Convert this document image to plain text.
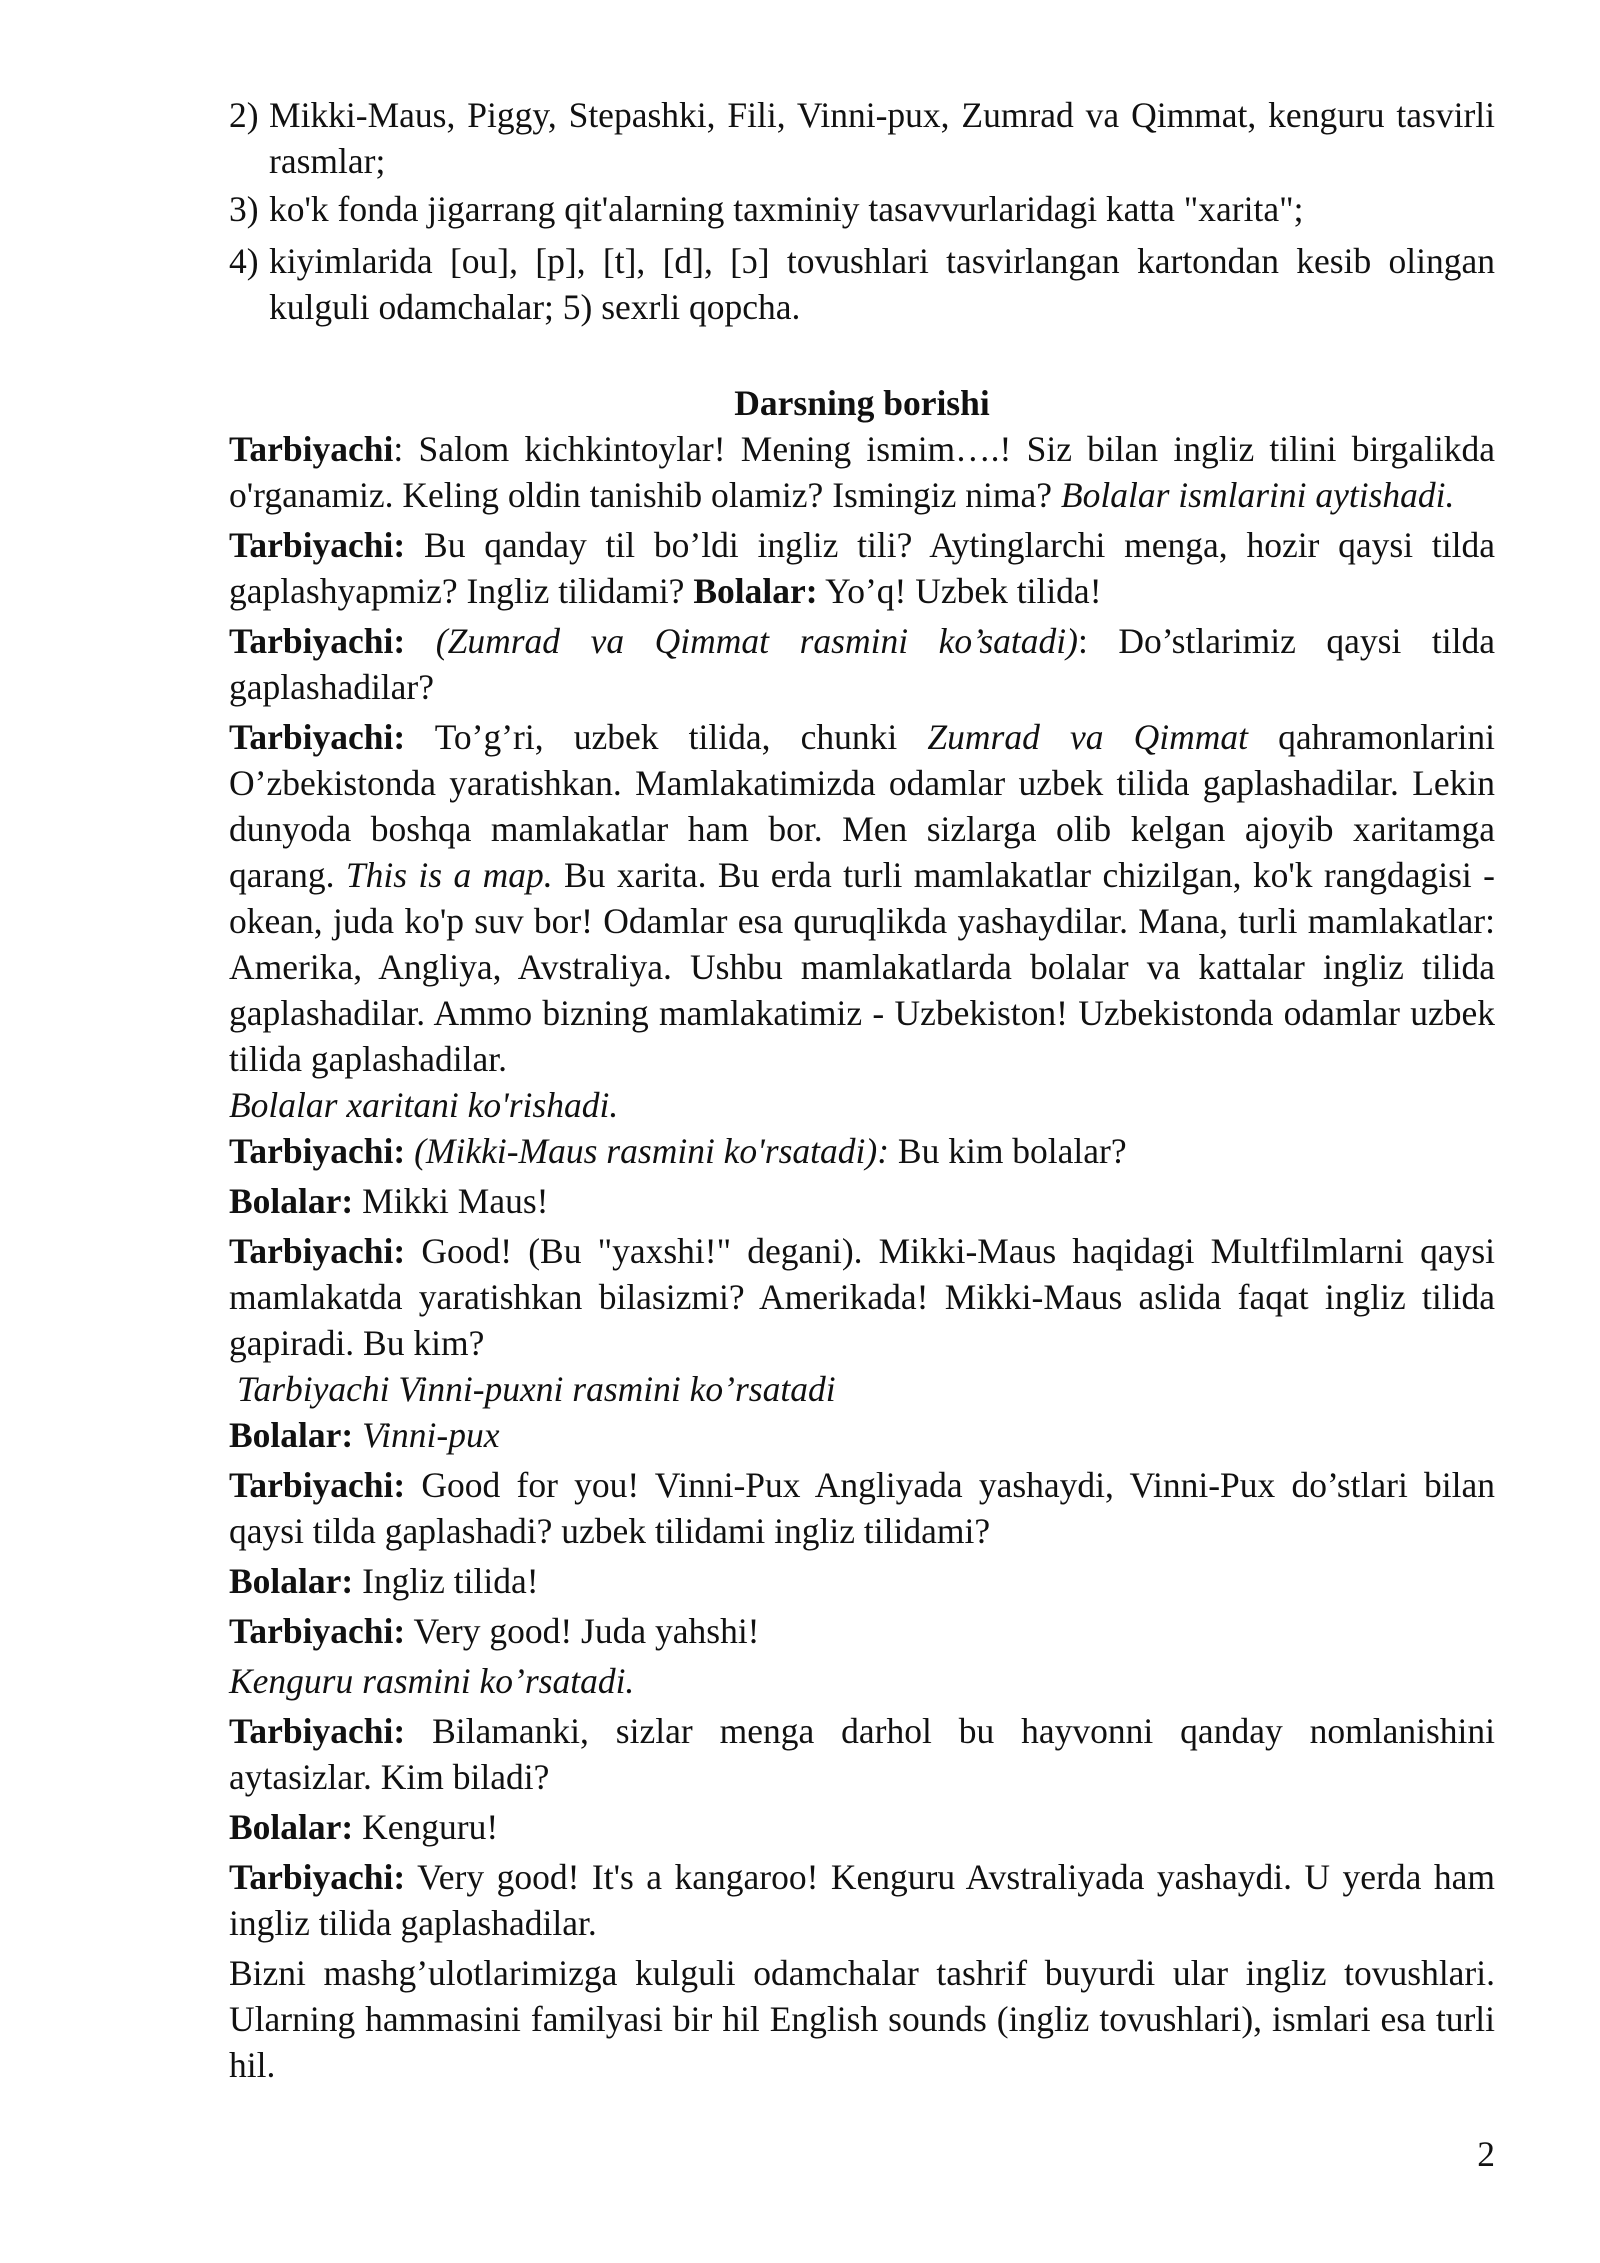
2) Mikki-Maus, Piggy, Stepashki, Fili, Vinni-pux, Zumrad va Qimmat, kenguru tasvirli rasmlar;
3) ko'k fonda jigarrang qit'alarning taxminiy tasavvurlaridagi katta "xarita";
4) kiyimlarida [ou], [p], [t], [d], [ɔ] tovushlari tasvirlangan kartondan kesib olingan kulguli odamchalar; 5) sexrli qopcha.

Darsning borishi

Tarbiyachi: Salom kichkintoylar! Mening ismim….! Siz bilan ingliz tilini birgalikda o'rganamiz. Keling oldin tanishib olamiz? Ismingiz nima? Bolalar ismlarini aytishadi.

Tarbiyachi: Bu qanday til bo’ldi ingliz tili? Aytinglarchi menga, hozir qaysi tilda gaplashyapmiz? Ingliz tilidami? Bolalar: Yo’q! Uzbek tilida!

Tarbiyachi: (Zumrad va Qimmat rasmini ko’satadi): Do’stlarimiz qaysi tilda gaplashadilar?

Tarbiyachi: To’g’ri, uzbek tilida, chunki Zumrad va Qimmat qahramonlarini O’zbekistonda yaratishkan. Mamlakatimizda odamlar uzbek tilida gaplashadilar. Lekin dunyoda boshqa mamlakatlar ham bor. Men sizlarga olib kelgan ajoyib xaritamga qarang. This is a map. Bu xarita. Bu erda turli mamlakatlar chizilgan, ko'k rangdagisi - okean, juda ko'p suv bor! Odamlar esa quruqlikda yashaydilar. Mana, turli mamlakatlar: Amerika, Angliya, Avstraliya. Ushbu mamlakatlarda bolalar va kattalar ingliz tilida gaplashadilar. Ammo bizning mamlakatimiz - Uzbekiston! Uzbekistonda odamlar uzbek tilida gaplashadilar.

Bolalar xaritani ko'rishadi.

Tarbiyachi: (Mikki-Maus rasmini ko'rsatadi): Bu kim bolalar?

Bolalar: Mikki Maus!

Tarbiyachi: Good! (Bu "yaxshi!" degani). Mikki-Maus haqidagi Multfilmlarni qaysi mamlakatda yaratishkan bilasizmi? Amerikada! Mikki-Maus aslida faqat ingliz tilida gapiradi. Bu kim?

Tarbiyachi Vinni-puxni rasmini ko’rsatadi

Bolalar: Vinni-pux

Tarbiyachi: Good for you! Vinni-Pux Angliyada yashaydi, Vinni-Pux do’stlari bilan qaysi tilda gaplashadi? uzbek tilidami ingliz tilidami?

Bolalar: Ingliz tilida!

Tarbiyachi: Very good! Juda yahshi!

Kenguru rasmini ko’rsatadi.

Tarbiyachi: Bilamanki, sizlar menga darhol bu hayvonni qanday nomlanishini aytasizlar. Kim biladi?

Bolalar: Kenguru!

Tarbiyachi: Very good! It's a kangaroo! Kenguru Avstraliyada yashaydi. U yerda ham ingliz tilida gaplashadilar.

Bizni mashg’ulotlarimizga kulguli odamchalar tashrif buyurdi ular ingliz tovushlari. Ularning hammasini familyasi bir hil English sounds (ingliz tovushlari), ismlari esa turli hil.

2
